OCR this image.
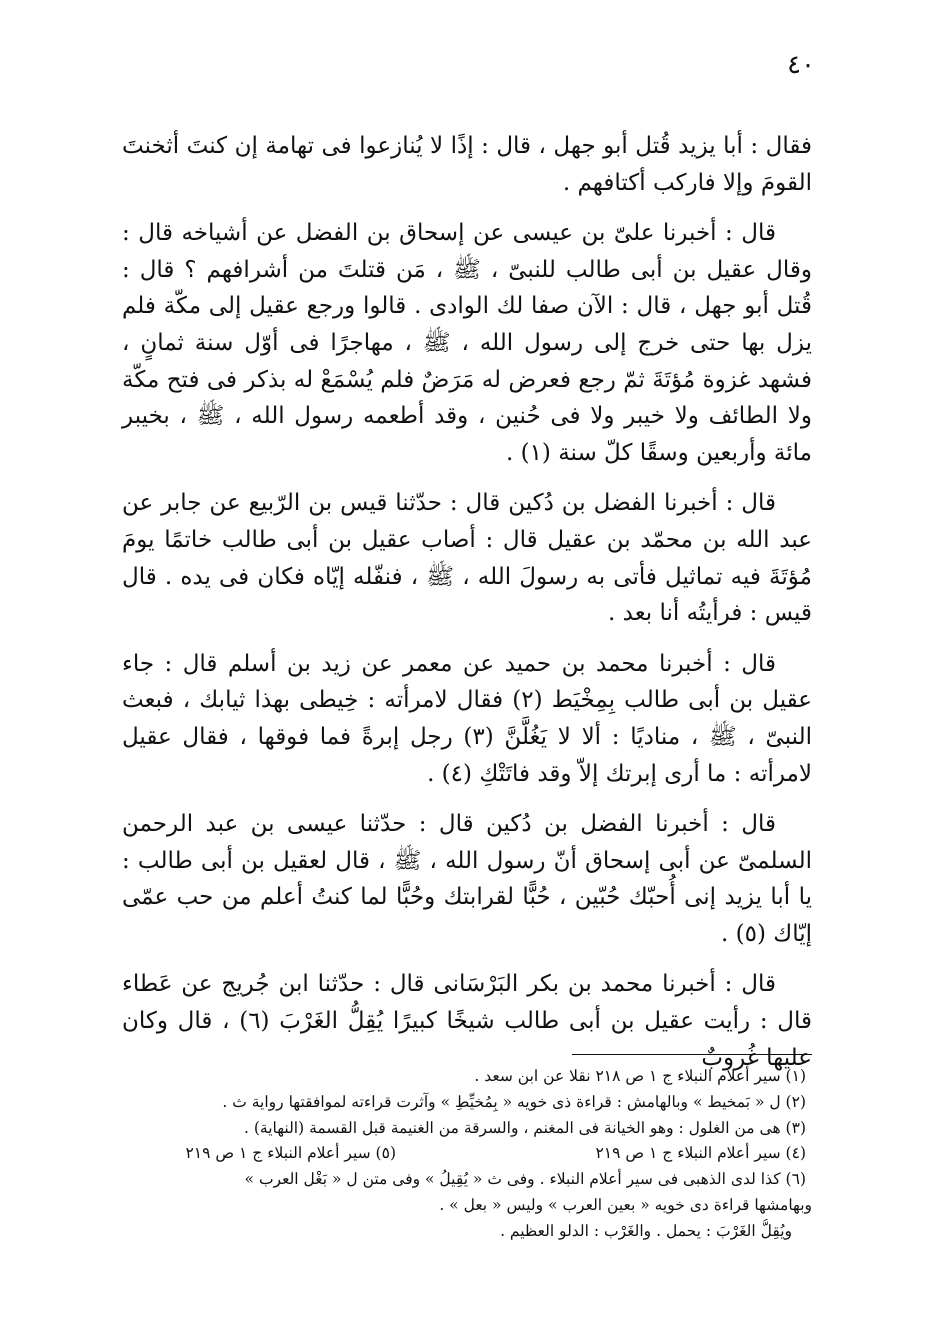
٤٠

فقال : أبا يزيد قُتل أبو جهل ، قال : إذًا لا يُنازعوا فى تهامة إن كنتَ أثخنتَ القومَ وإلا فاركب أكتافهم .

قال : أخبرنا علىّ بن عيسى عن إسحاق بن الفضل عن أشياخه قال : وقال عقيل بن أبى طالب للنبىّ ، ﷺ ، مَن قتلتَ من أشرافهم ؟ قال : قُتل أبو جهل ، قال : الآن صفا لك الوادى . قالوا ورجع عقيل إلى مكّة فلم يزل بها حتى خرج إلى رسول الله ، ﷺ ، مهاجرًا فى أوّل سنة ثمانٍ ، فشهد غزوة مُؤتَةَ ثمّ رجع فعرض له مَرَضٌ فلم يُسْمَعْ له بذكر فى فتح مكّة ولا الطائف ولا خيبر ولا فى حُنين ، وقد أطعمه رسول الله ، ﷺ ، بخيبر مائة وأربعين وسقًا كلّ سنة (١) .

قال : أخبرنا الفضل بن دُكين قال : حدّثنا قيس بن الرّبيع عن جابر عن عبد الله بن محمّد بن عقيل قال : أصاب عقيل بن أبى طالب خاتمًا يومَ مُؤتَةَ فيه تماثيل فأتى به رسولَ الله ، ﷺ ، فنفّله إيّاه فكان فى يده . قال قيس : فرأيتُه أنا بعد .

قال : أخبرنا محمد بن حميد عن معمر عن زيد بن أسلم قال : جاء عقيل بن أبى طالب بِمِخْيَط (٢) فقال لامرأته : خِيطى بهذا ثيابك ، فبعث النبىّ ، ﷺ ، مناديًا : ألا لا يَغُلَّنَّ (٣) رجل إبرةً فما فوقها ، فقال عقيل لامرأته : ما أرى إبرتك إلاّ وقد فاتَتْكِ (٤) .

قال : أخبرنا الفضل بن دُكين قال : حدّثنا عيسى بن عبد الرحمن السلمىّ عن أبى إسحاق أنّ رسول الله ، ﷺ ، قال لعقيل بن أبى طالب : يا أبا يزيد إنى أُحبّك حُبّين ، حُبًّا لقرابتك وحُبًّا لما كنتُ أعلم من حب عمّى إيّاك (٥) .

قال : أخبرنا محمد بن بكر البَرْسَانى قال : حدّثنا ابن جُريج عن عَطاء قال : رأيت عقيل بن أبى طالب شيخًا كبيرًا يُقِلُّ الغَرْبَ (٦) ، قال وكان عليها غُروبٌ

(١) سير أعلام النبلاء ج ١ ص ٢١٨ نقلا عن ابن سعد .

(٢) ل « بَمخيط » وبالهامش : قراءة ذى خويه « بِمُخيِّطِ » وآثرت قراءته لموافقتها رواية ث .

(٣) هى من الغلول : وهو الخيانة فى المغنم ، والسرقة من الغنيمة قبل القسمة (النهاية) .

(٤) سير أعلام النبلاء ج ١ ص ٢١٩
(٥) سير أعلام النبلاء ج ١ ص ٢١٩

(٦) كذا لدى الذهبى فى سير أعلام النبلاء . وفى ث « يُقِيلُ » وفى متن ل « بَغْل العرب »

وبهامشها قراءة دى خويه « بعين العرب » وليس « بعل » .

ويُقِلُّ الغَرْبَ : يحمل . والغَرْب : الدلو العظيم .
